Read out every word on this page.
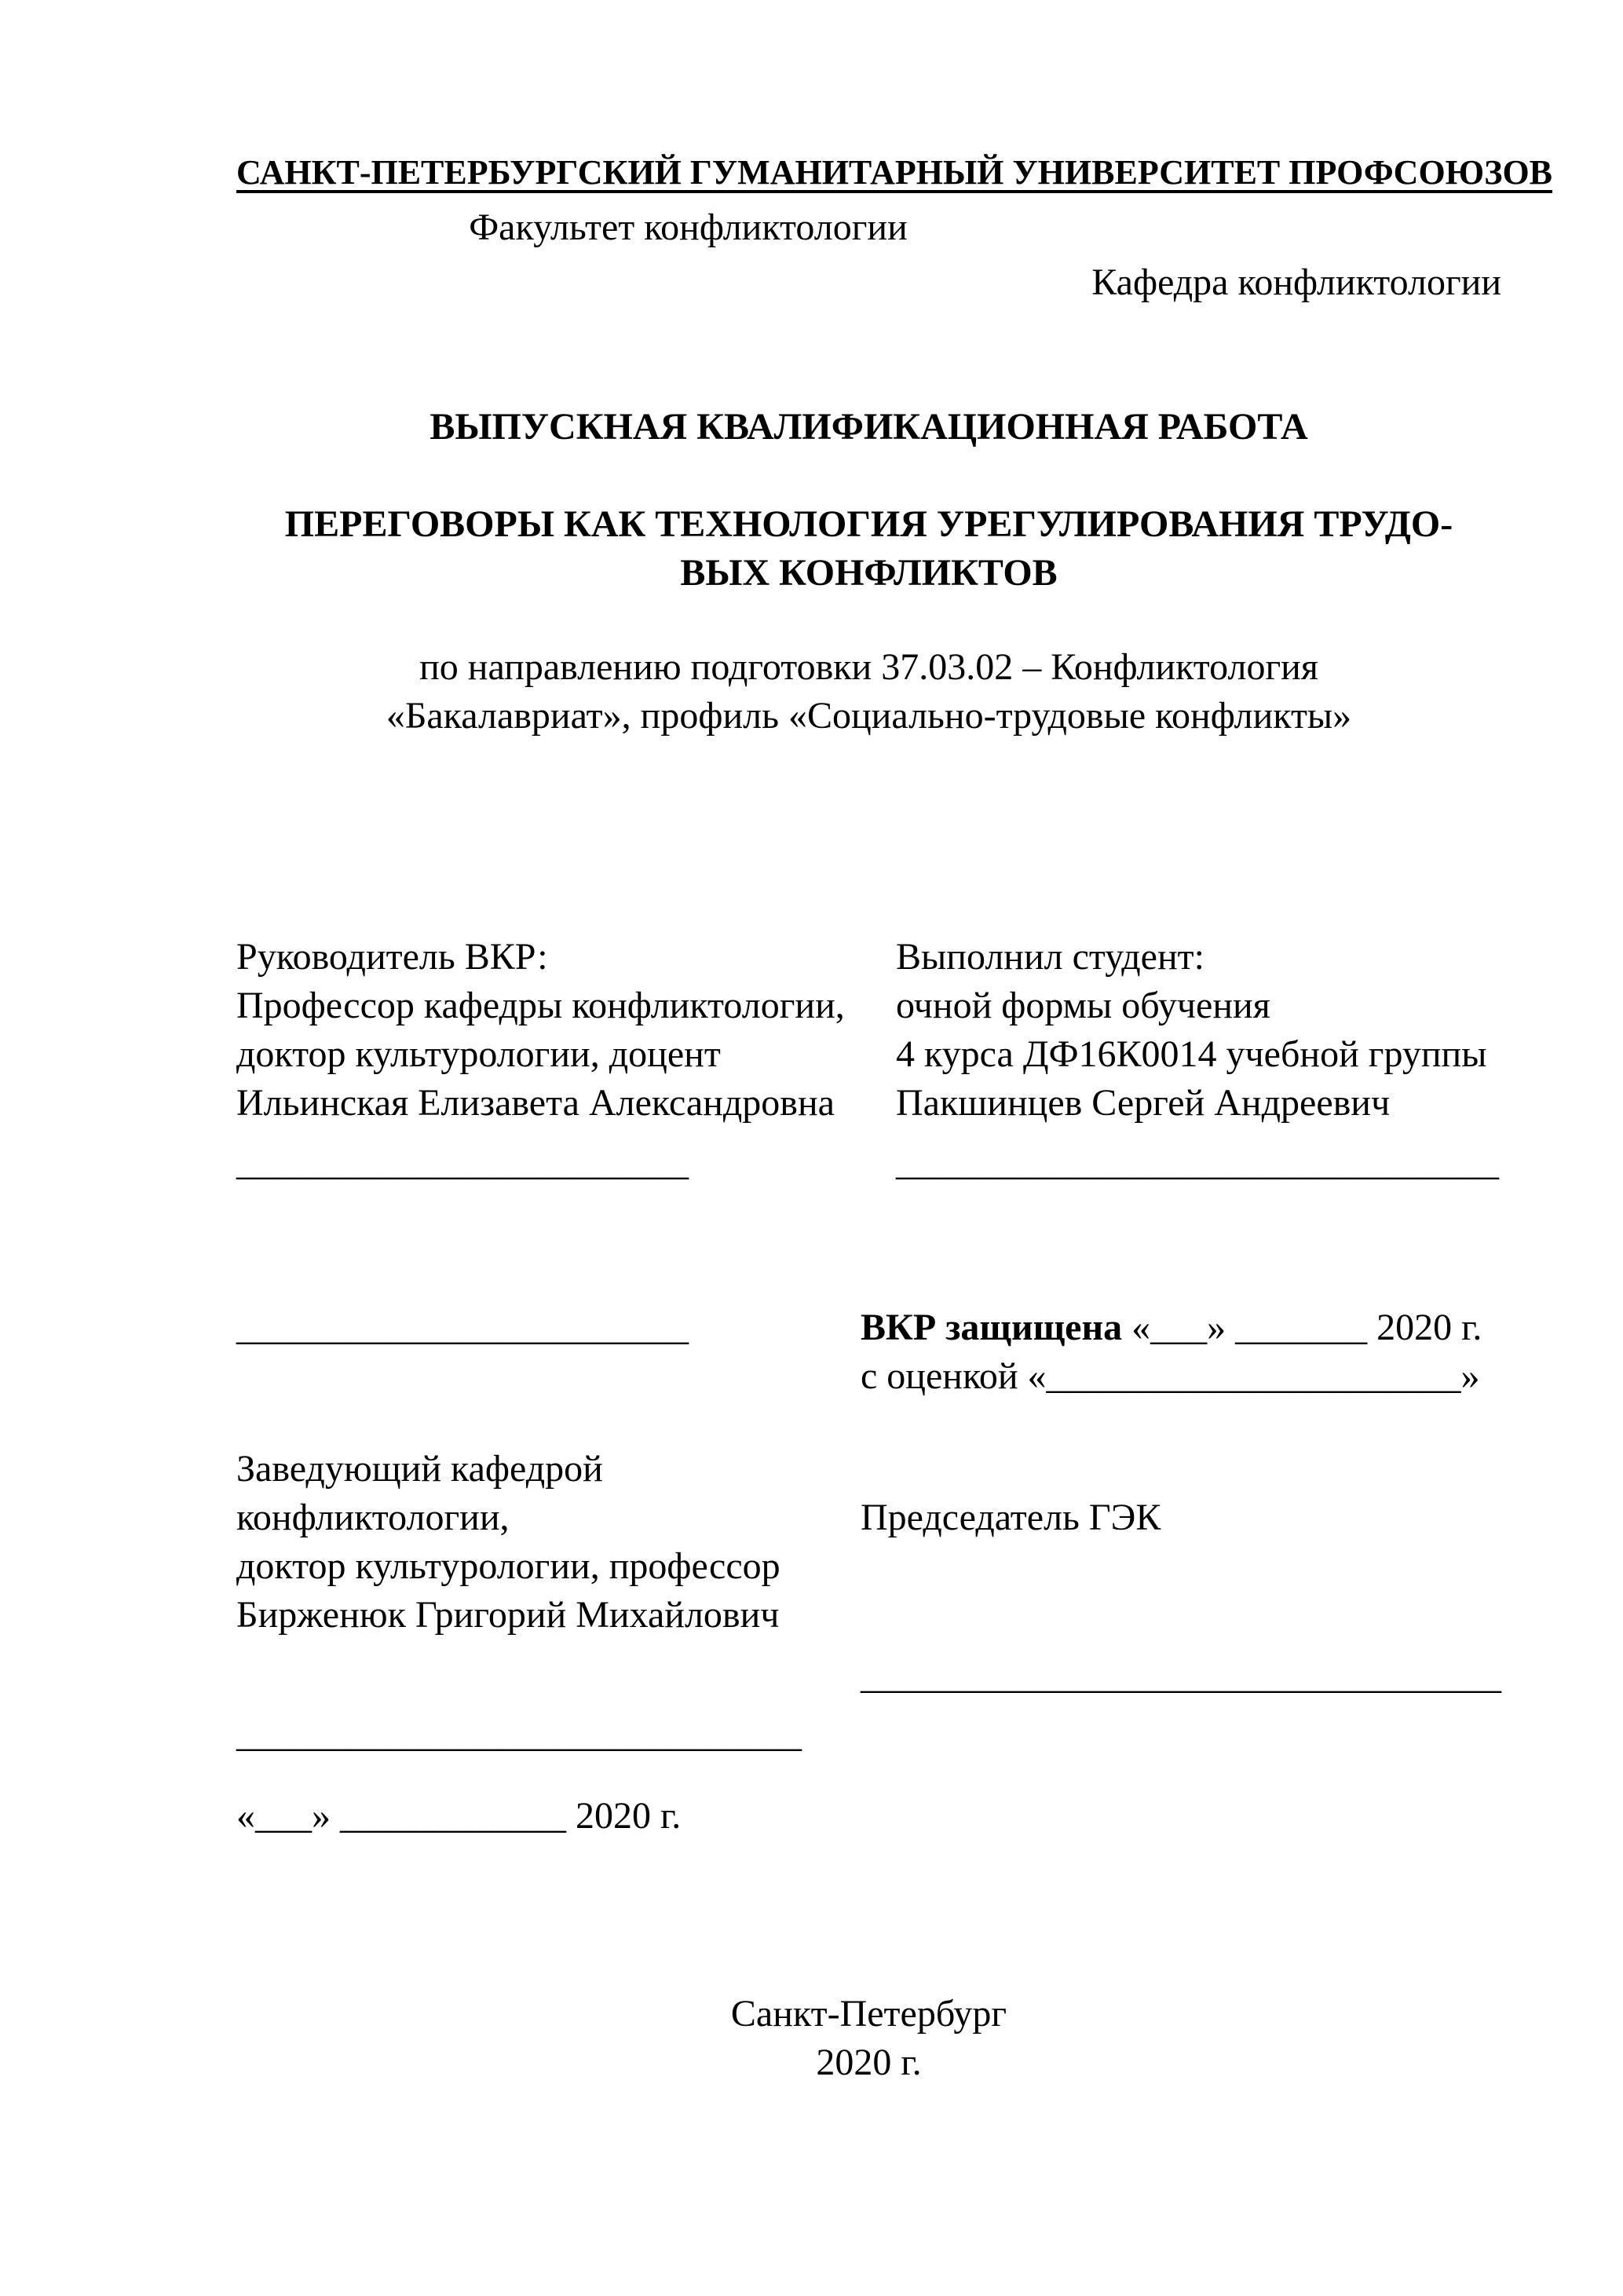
САНКТ-ПЕТЕРБУРГСКИЙ ГУМАНИТАРНЫЙ УНИВЕРСИТЕТ ПРОФСОЮЗОВ
Факультет конфликтологии
Кафедра конфликтологии
ВЫПУСКНАЯ КВАЛИФИКАЦИОННАЯ РАБОТА
ПЕРЕГОВОРЫ КАК ТЕХНОЛОГИЯ УРЕГУЛИРОВАНИЯ ТРУДО-
ВЫХ КОНФЛИКТОВ
по направлению подготовки 37.03.02 – Конфликтология
«Бакалавриат», профиль «Социально-трудовые конфликты»
Руководитель ВКР:
Профессор кафедры конфликтологии,
доктор культурологии, доцент
Ильинская Елизавета Александровна
________________________
Выполнил студент:
очной формы обучения
4 курса ДФ16К0014 учебной группы
Пакшинцев Сергей Андреевич
________________________________
________________________	ВКР защищена «___» _______ 2020 г.
с оценкой «______________________»
Заведующий кафедрой
конфликтологии,
доктор культурологии, профессор
Бирженюк Григорий Михайлович
______________________________
Председатель ГЭК
__________________________________
«___» ____________ 2020 г.
Санкт-Петербург
2020 г.
